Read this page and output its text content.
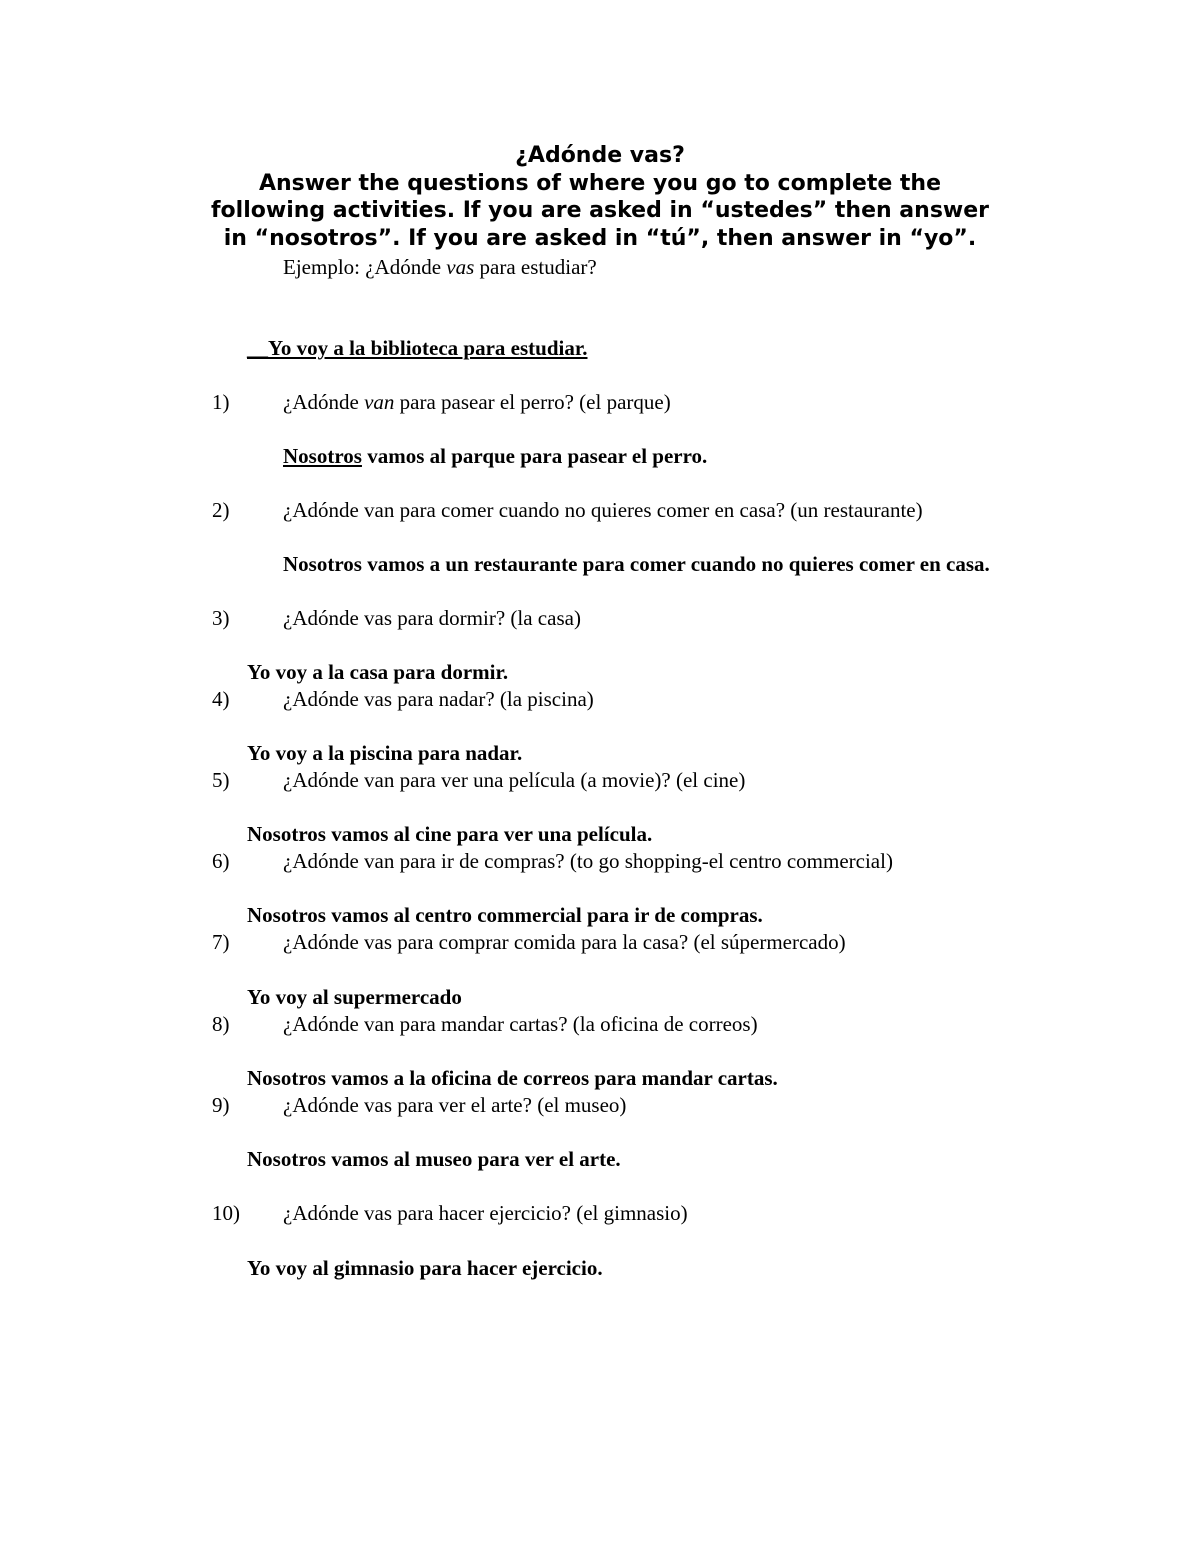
¿Adónde vas?
Answer the questions of where you go to complete the
following activities. If you are asked in “ustedes” then answer
in “nosotros”. If you are asked in “tú”, then answer in “yo”.
Ejemplo: ¿Adónde vas para estudiar?
__Yo voy a la biblioteca para estudiar.
1)	¿Adónde van para pasear el perro? (el parque)
Nosotros vamos al parque para pasear el perro.
2)	¿Adónde van para comer cuando no quieres comer en casa? (un restaurante)
Nosotros vamos a un restaurante para comer cuando no quieres comer en casa.
3)	¿Adónde vas para dormir? (la casa)
Yo voy a la casa para dormir.
4)	¿Adónde vas para nadar? (la piscina)
Yo voy a la piscina para nadar.
5)	¿Adónde van para ver una película (a movie)? (el cine)
Nosotros vamos al cine para ver una película.
6)	¿Adónde van para ir de compras? (to go shopping-el centro commercial)
Nosotros vamos al centro commercial para ir de compras.
7)	¿Adónde vas para comprar comida para la casa? (el súpermercado)
Yo voy al supermercado
8)	¿Adónde van para mandar cartas? (la oficina de correos)
Nosotros vamos a la oficina de correos para mandar cartas.
9)	¿Adónde vas para ver el arte? (el museo)
Nosotros vamos al museo para ver el arte.
10) ¿Adónde vas para hacer ejercicio? (el gimnasio)
Yo voy al gimnasio para hacer ejercicio.
